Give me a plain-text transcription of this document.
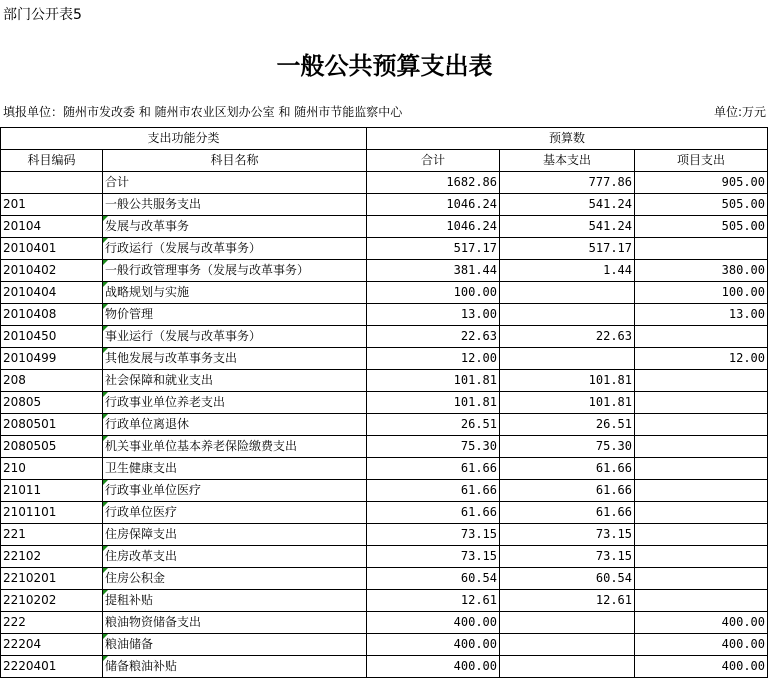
部门公开表5
一般公共预算支出表
填报单位：随州市发改委 和 随州市农业区划办公室 和 随州市节能监察中心	单位:万元
支出功能分类		预算数		
科目编码	科目名称	合计	基本支出	项目支出
	合计	1682.86	777.86	905.00
201	一般公共服务支出	1046.24	541.24	505.00
20104	发展与改革事务	1046.24	541.24	505.00
2010401	行政运行（发展与改革事务）	517.17	517.17	
2010402	一般行政管理事务（发展与改革事务）	381.44	1.44	380.00
2010404	战略规划与实施	100.00		100.00
2010408	物价管理	13.00		13.00
2010450	事业运行（发展与改革事务）	22.63	22.63	
2010499	其他发展与改革事务支出	12.00		12.00
208	社会保障和就业支出	101.81	101.81	
20805	行政事业单位养老支出	101.81	101.81	
2080501	行政单位离退休	26.51	26.51	
2080505	机关事业单位基本养老保险缴费支出	75.30	75.30	
210	卫生健康支出	61.66	61.66	
21011	行政事业单位医疗	61.66	61.66	
2101101	行政单位医疗	61.66	61.66	
221	住房保障支出	73.15	73.15	
22102	住房改革支出	73.15	73.15	
2210201	住房公积金	60.54	60.54	
2210202	提租补贴	12.61	12.61	
222	粮油物资储备支出	400.00		400.00
22204	粮油储备	400.00		400.00
2220401	储备粮油补贴	400.00		400.00
